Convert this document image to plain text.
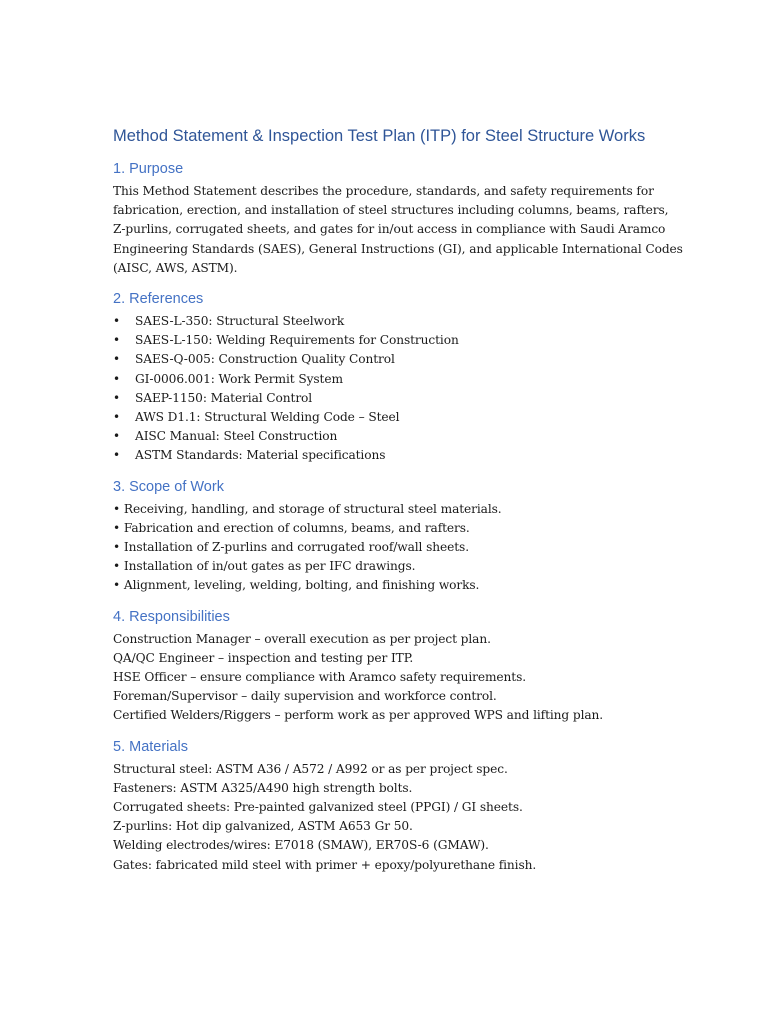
Method Statement & Inspection Test Plan (ITP) for Steel Structure Works
1. Purpose

This Method Statement describes the procedure, standards, and safety requirements for

fabrication, erection, and installation of steel structures including columns, beams, rafters,

Z-purlins, corrugated sheets, and gates for in/out access in compliance with Saudi Aramco

Engineering Standards (SAES), General Instructions (GI), and applicable International Codes

(AISC, AWS, ASTM).

2. References
• SAES-L-350: Structural Steelwork
• SAES-L-150: Welding Requirements for Construction
• SAES-Q-005: Construction Quality Control
• GI-0006.001: Work Permit System
• SAEP-1150: Material Control
• AWS D1.1: Structural Welding Code – Steel
• AISC Manual: Steel Construction
• ASTM Standards: Material specifications
3. Scope of Work

• Receiving, handling, and storage of structural steel materials.

• Fabrication and erection of columns, beams, and rafters.

• Installation of Z-purlins and corrugated roof/wall sheets.

• Installation of in/out gates as per IFC drawings.

• Alignment, leveling, welding, bolting, and finishing works.

4. Responsibilities

Construction Manager – overall execution as per project plan.

QA/QC Engineer – inspection and testing per ITP.

HSE Officer – ensure compliance with Aramco safety requirements.

Foreman/Supervisor – daily supervision and workforce control.

Certified Welders/Riggers – perform work as per approved WPS and lifting plan.

5. Materials

Structural steel: ASTM A36 / A572 / A992 or as per project spec.

Fasteners: ASTM A325/A490 high strength bolts.

Corrugated sheets: Pre-painted galvanized steel (PPGI) / GI sheets.

Z-purlins: Hot dip galvanized, ASTM A653 Gr 50.

Welding electrodes/wires: E7018 (SMAW), ER70S-6 (GMAW).

Gates: fabricated mild steel with primer + epoxy/polyurethane finish.
